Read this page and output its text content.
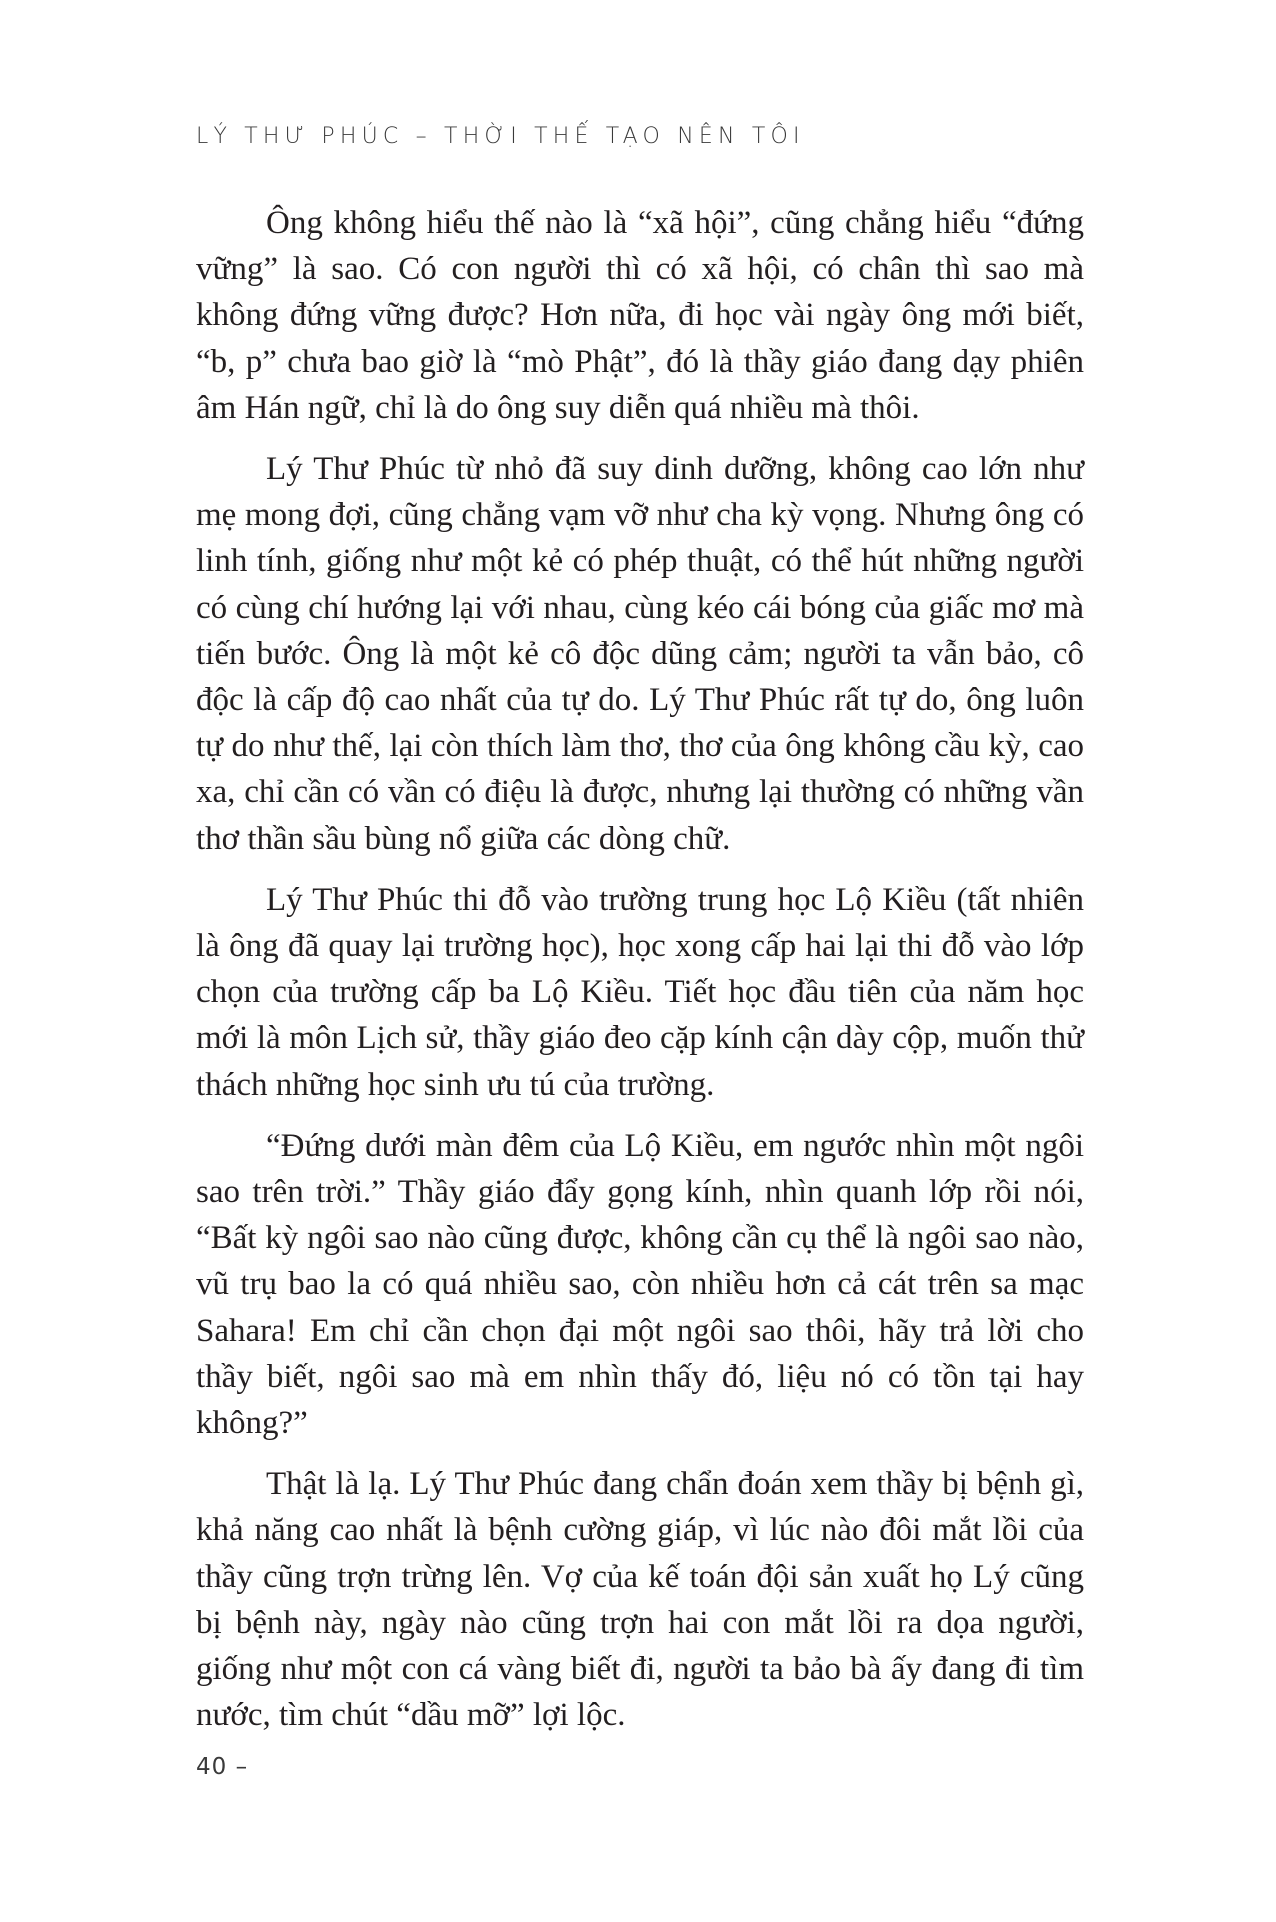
LÝ THƯ PHÚC – THỜI THẾ TẠO NÊN TÔI

Ông không hiểu thế nào là “xã hội”, cũng chẳng hiểu “đứng vững” là sao. Có con người thì có xã hội, có chân thì sao mà không đứng vững được? Hơn nữa, đi học vài ngày ông mới biết, “b, p” chưa bao giờ là “mò Phật”, đó là thầy giáo đang dạy phiên âm Hán ngữ, chỉ là do ông suy diễn quá nhiều mà thôi.

Lý Thư Phúc từ nhỏ đã suy dinh dưỡng, không cao lớn như mẹ mong đợi, cũng chẳng vạm vỡ như cha kỳ vọng. Nhưng ông có linh tính, giống như một kẻ có phép thuật, có thể hút những người có cùng chí hướng lại với nhau, cùng kéo cái bóng của giấc mơ mà tiến bước. Ông là một kẻ cô độc dũng cảm; người ta vẫn bảo, cô độc là cấp độ cao nhất của tự do. Lý Thư Phúc rất tự do, ông luôn tự do như thế, lại còn thích làm thơ, thơ của ông không cầu kỳ, cao xa, chỉ cần có vần có điệu là được, nhưng lại thường có những vần thơ thần sầu bùng nổ giữa các dòng chữ.

Lý Thư Phúc thi đỗ vào trường trung học Lộ Kiều (tất nhiên là ông đã quay lại trường học), học xong cấp hai lại thi đỗ vào lớp chọn của trường cấp ba Lộ Kiều. Tiết học đầu tiên của năm học mới là môn Lịch sử, thầy giáo đeo cặp kính cận dày cộp, muốn thử thách những học sinh ưu tú của trường.

“Đứng dưới màn đêm của Lộ Kiều, em ngước nhìn một ngôi sao trên trời.” Thầy giáo đẩy gọng kính, nhìn quanh lớp rồi nói, “Bất kỳ ngôi sao nào cũng được, không cần cụ thể là ngôi sao nào, vũ trụ bao la có quá nhiều sao, còn nhiều hơn cả cát trên sa mạc Sahara! Em chỉ cần chọn đại một ngôi sao thôi, hãy trả lời cho thầy biết, ngôi sao mà em nhìn thấy đó, liệu nó có tồn tại hay không?”

Thật là lạ. Lý Thư Phúc đang chẩn đoán xem thầy bị bệnh gì, khả năng cao nhất là bệnh cường giáp, vì lúc nào đôi mắt lồi của thầy cũng trợn trừng lên. Vợ của kế toán đội sản xuất họ Lý cũng bị bệnh này, ngày nào cũng trợn hai con mắt lồi ra dọa người, giống như một con cá vàng biết đi, người ta bảo bà ấy đang đi tìm nước, tìm chút “dầu mỡ” lợi lộc.

40 –
